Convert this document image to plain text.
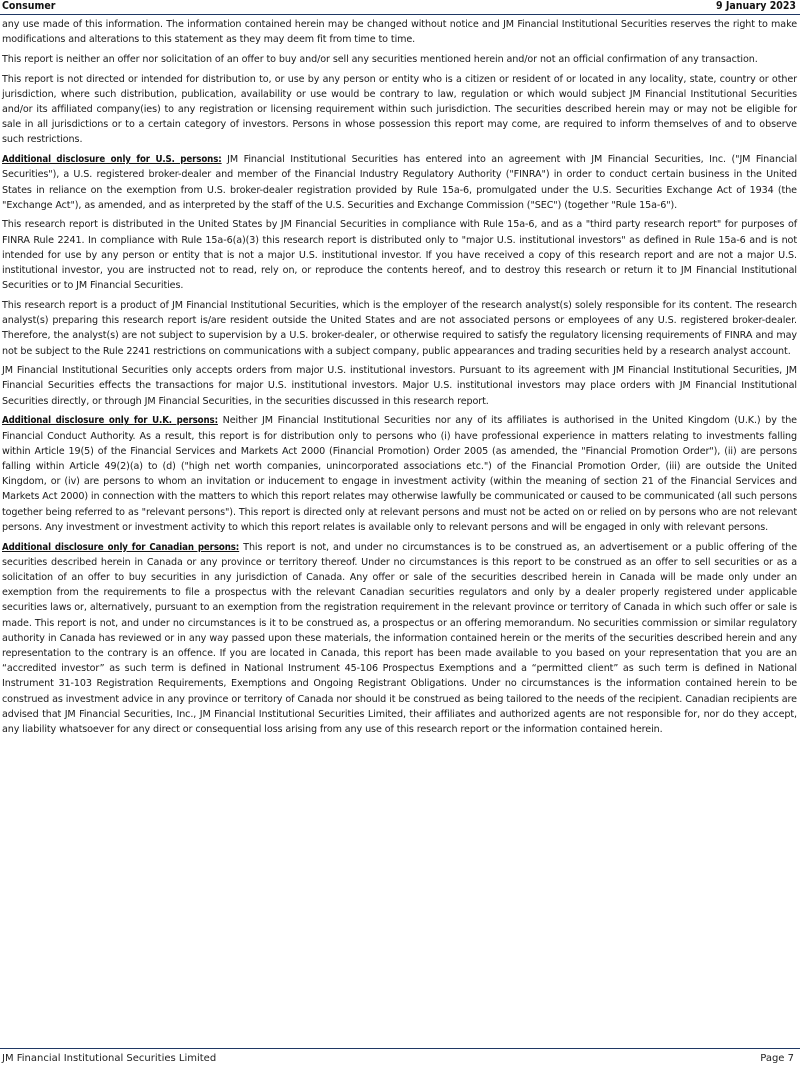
Consumer	9 January 2023

any use made of this information. The information contained herein may be changed without notice and JM Financial Institutional Securities reserves the right to make modifications and alterations to this statement as they may deem fit from time to time.

This report is neither an offer nor solicitation of an offer to buy and/or sell any securities mentioned herein and/or not an official confirmation of any transaction.

This report is not directed or intended for distribution to, or use by any person or entity who is a citizen or resident of or located in any locality, state, country or other jurisdiction, where such distribution, publication, availability or use would be contrary to law, regulation or which would subject JM Financial Institutional Securities and/or its affiliated company(ies) to any registration or licensing requirement within such jurisdiction. The securities described herein may or may not be eligible for sale in all jurisdictions or to a certain category of investors. Persons in whose possession this report may come, are required to inform themselves of and to observe such restrictions.

Additional disclosure only for U.S. persons: JM Financial Institutional Securities has entered into an agreement with JM Financial Securities, Inc. ("JM Financial Securities"), a U.S. registered broker-dealer and member of the Financial Industry Regulatory Authority ("FINRA") in order to conduct certain business in the United States in reliance on the exemption from U.S. broker-dealer registration provided by Rule 15a-6, promulgated under the U.S. Securities Exchange Act of 1934 (the "Exchange Act"), as amended, and as interpreted by the staff of the U.S. Securities and Exchange Commission ("SEC") (together "Rule 15a-6").

This research report is distributed in the United States by JM Financial Securities in compliance with Rule 15a-6, and as a "third party research report" for purposes of FINRA Rule 2241. In compliance with Rule 15a-6(a)(3) this research report is distributed only to "major U.S. institutional investors" as defined in Rule 15a-6 and is not intended for use by any person or entity that is not a major U.S. institutional investor. If you have received a copy of this research report and are not a major U.S. institutional investor, you are instructed not to read, rely on, or reproduce the contents hereof, and to destroy this research or return it to JM Financial Institutional Securities or to JM Financial Securities.

This research report is a product of JM Financial Institutional Securities, which is the employer of the research analyst(s) solely responsible for its content. The research analyst(s) preparing this research report is/are resident outside the United States and are not associated persons or employees of any U.S. registered broker-dealer. Therefore, the analyst(s) are not subject to supervision by a U.S. broker-dealer, or otherwise required to satisfy the regulatory licensing requirements of FINRA and may not be subject to the Rule 2241 restrictions on communications with a subject company, public appearances and trading securities held by a research analyst account.

JM Financial Institutional Securities only accepts orders from major U.S. institutional investors. Pursuant to its agreement with JM Financial Institutional Securities, JM Financial Securities effects the transactions for major U.S. institutional investors. Major U.S. institutional investors may place orders with JM Financial Institutional Securities directly, or through JM Financial Securities, in the securities discussed in this research report.

Additional disclosure only for U.K. persons: Neither JM Financial Institutional Securities nor any of its affiliates is authorised in the United Kingdom (U.K.) by the Financial Conduct Authority. As a result, this report is for distribution only to persons who (i) have professional experience in matters relating to investments falling within Article 19(5) of the Financial Services and Markets Act 2000 (Financial Promotion) Order 2005 (as amended, the "Financial Promotion Order"), (ii) are persons falling within Article 49(2)(a) to (d) ("high net worth companies, unincorporated associations etc.") of the Financial Promotion Order, (iii) are outside the United Kingdom, or (iv) are persons to whom an invitation or inducement to engage in investment activity (within the meaning of section 21 of the Financial Services and Markets Act 2000) in connection with the matters to which this report relates may otherwise lawfully be communicated or caused to be communicated (all such persons together being referred to as "relevant persons"). This report is directed only at relevant persons and must not be acted on or relied on by persons who are not relevant persons. Any investment or investment activity to which this report relates is available only to relevant persons and will be engaged in only with relevant persons.

Additional disclosure only for Canadian persons: This report is not, and under no circumstances is to be construed as, an advertisement or a public offering of the securities described herein in Canada or any province or territory thereof. Under no circumstances is this report to be construed as an offer to sell securities or as a solicitation of an offer to buy securities in any jurisdiction of Canada. Any offer or sale of the securities described herein in Canada will be made only under an exemption from the requirements to file a prospectus with the relevant Canadian securities regulators and only by a dealer properly registered under applicable securities laws or, alternatively, pursuant to an exemption from the registration requirement in the relevant province or territory of Canada in which such offer or sale is made. This report is not, and under no circumstances is it to be construed as, a prospectus or an offering memorandum. No securities commission or similar regulatory authority in Canada has reviewed or in any way passed upon these materials, the information contained herein or the merits of the securities described herein and any representation to the contrary is an offence. If you are located in Canada, this report has been made available to you based on your representation that you are an “accredited investor” as such term is defined in National Instrument 45-106 Prospectus Exemptions and a “permitted client” as such term is defined in National Instrument 31-103 Registration Requirements, Exemptions and Ongoing Registrant Obligations. Under no circumstances is the information contained herein to be construed as investment advice in any province or territory of Canada nor should it be construed as being tailored to the needs of the recipient. Canadian recipients are advised that JM Financial Securities, Inc., JM Financial Institutional Securities Limited, their affiliates and authorized agents are not responsible for, nor do they accept, any liability whatsoever for any direct or consequential loss arising from any use of this research report or the information contained herein.

JM Financial Institutional Securities Limited	Page 7
